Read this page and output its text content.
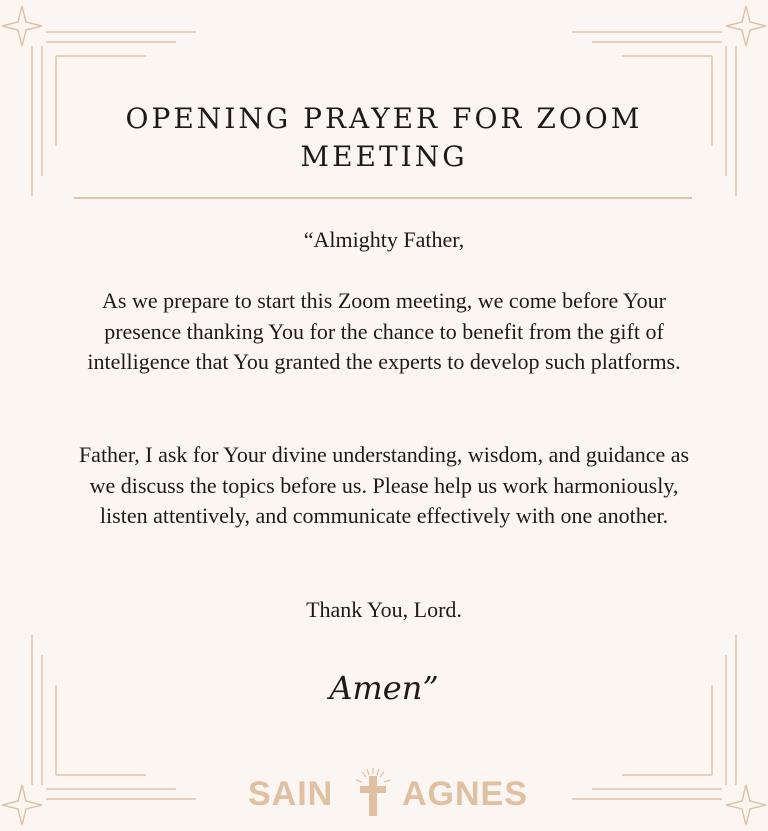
OPENING PRAYER FOR ZOOM MEETING

“Almighty Father,

As we prepare to start this Zoom meeting, we come before Your presence thanking You for the chance to benefit from the gift of intelligence that You granted the experts to develop such platforms.

Father, I ask for Your divine understanding, wisdom, and guidance as we discuss the topics before us. Please help us work harmoniously, listen attentively, and communicate effectively with one another.

Thank You, Lord.

Amen”

SAIN AGNES
